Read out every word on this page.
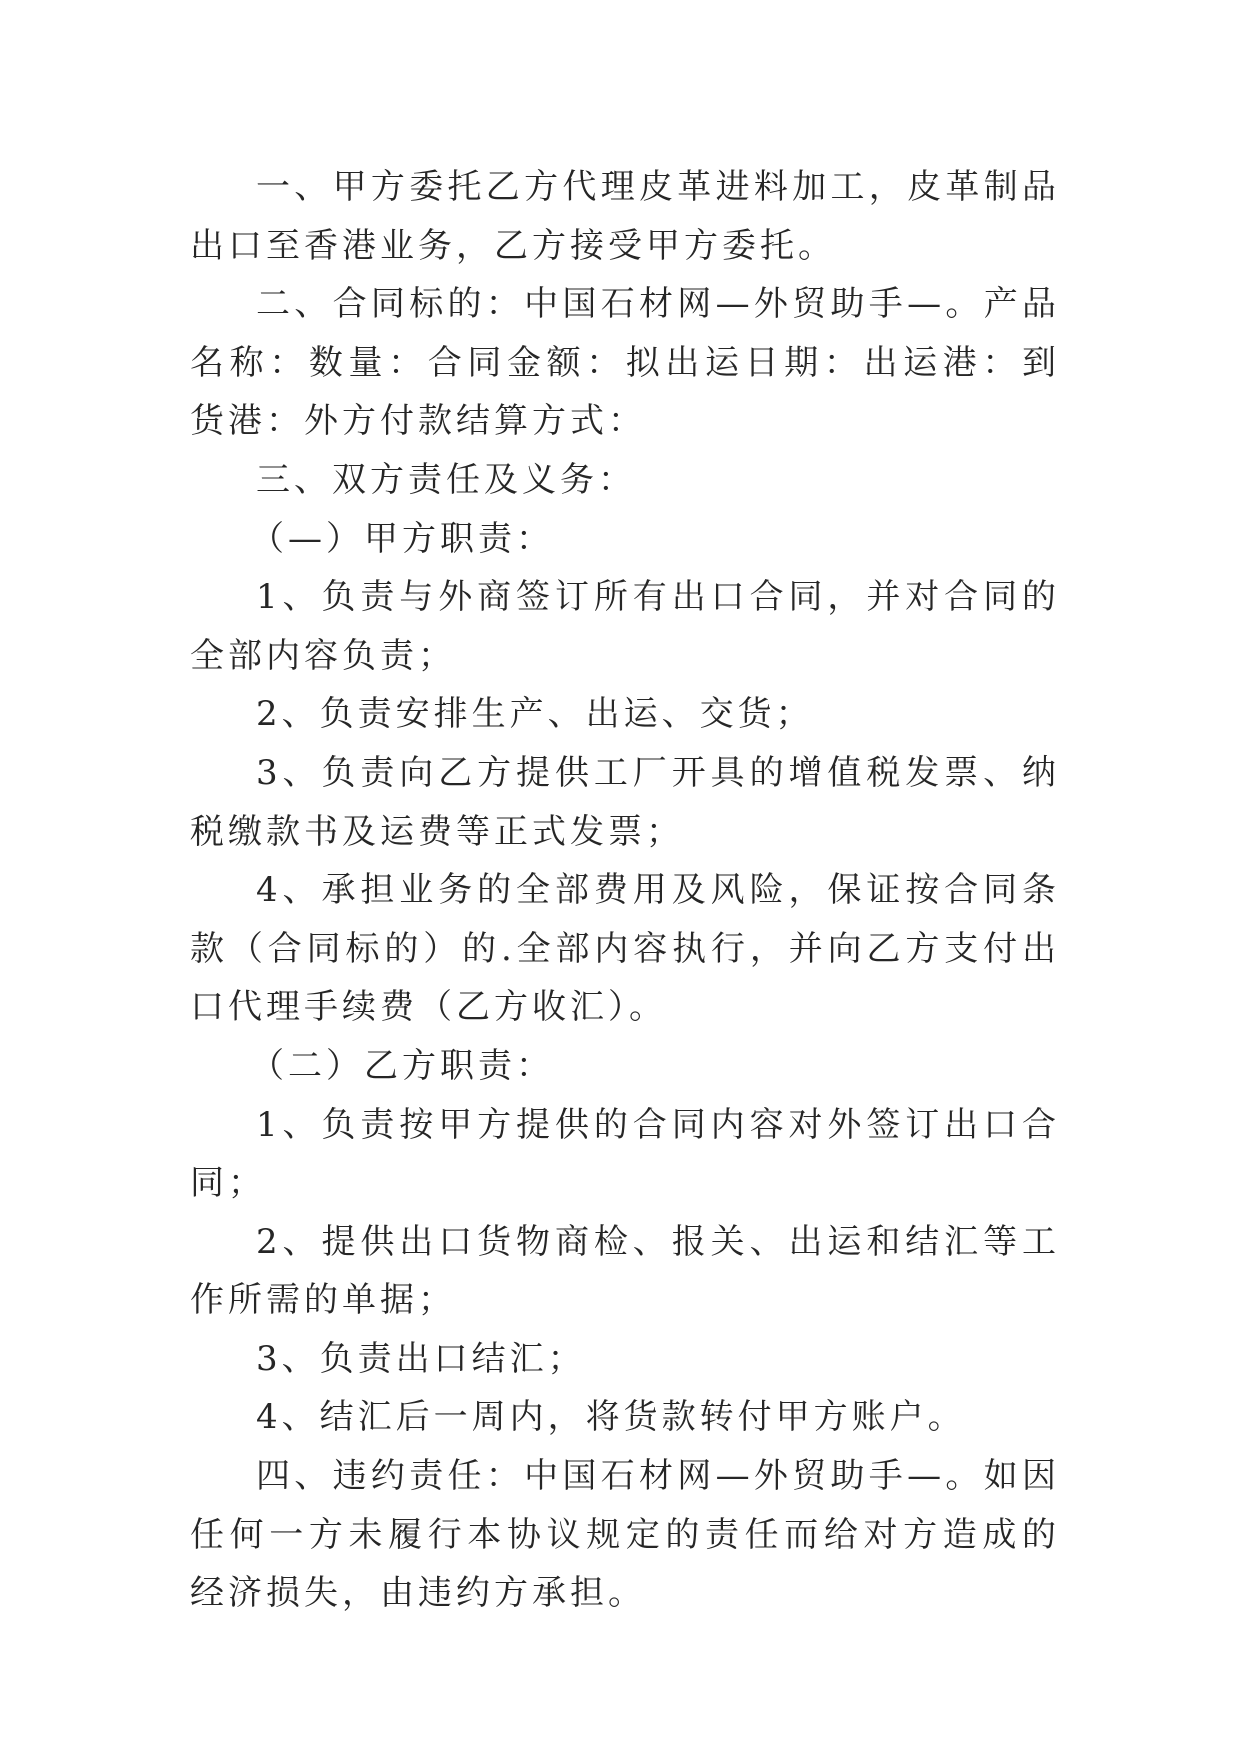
一、甲方委托乙方代理皮革进料加工，皮革制品出口至香港业务，乙方接受甲方委托。

二、合同标的：中国石材网—外贸助手—。产品名称：数量：合同金额：拟出运日期：出运港：到货港：外方付款结算方式：

三、双方责任及义务：

（—）甲方职责：

1、负责与外商签订所有出口合同，并对合同的全部内容负责；

2、负责安排生产、出运、交货；

3、负责向乙方提供工厂开具的增值税发票、纳税缴款书及运费等正式发票；

4、承担业务的全部费用及风险，保证按合同条款（合同标的）的.全部内容执行，并向乙方支付出口代理手续费（乙方收汇）。

（二）乙方职责：

1、负责按甲方提供的合同内容对外签订出口合同；

2、提供出口货物商检、报关、出运和结汇等工作所需的单据；

3、负责出口结汇；

4、结汇后一周内，将货款转付甲方账户。

四、违约责任：中国石材网—外贸助手—。如因任何一方未履行本协议规定的责任而给对方造成的经济损失，由违约方承担。
